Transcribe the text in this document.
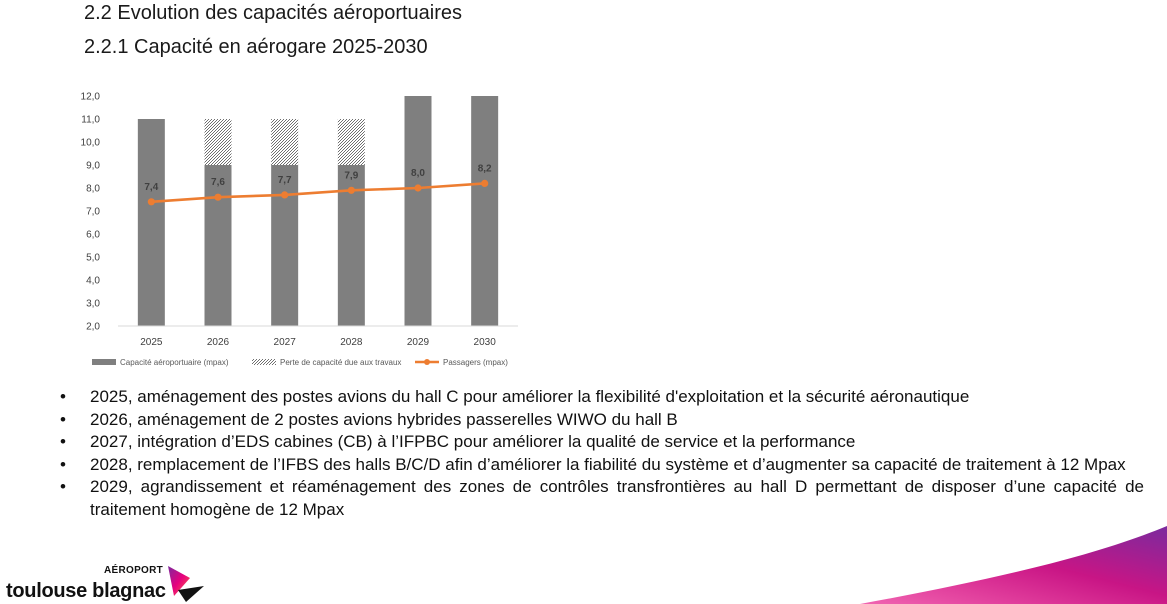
2.2 Evolution des capacités aéroportuaires
2.2.1 Capacité en aérogare 2025-2030
2,0
3,0
4,0
5,0
6,0
7,0
8,0
9,0
10,0
11,0
12,0
2025	2026	2027	2028	2029	2030
7,4	7,6	7,7	7,9	8,0	8,2
Capacité aéroportuaire (mpax)	Perte de capacité due aux travaux	Passagers (mpax)
• 2025, aménagement des postes avions du hall C pour améliorer la flexibilité d'exploitation et la sécurité aéronautique
• 2026, aménagement de 2 postes avions hybrides passerelles WIWO du hall B
• 2027, intégration d’EDS cabines (CB) à l’IFPBC pour améliorer la qualité de service et la performance
• 2028, remplacement de l’IFBS des halls B/C/D afin d’améliorer la fiabilité du système et d’augmenter sa capacité de traitement à 12 Mpax
• 2029, agrandissement et réaménagement des zones de contrôles transfrontières au hall D permettant de disposer d’une capacité de traitement homogène de 12 Mpax
AÉROPORT
toulouse blagnac
